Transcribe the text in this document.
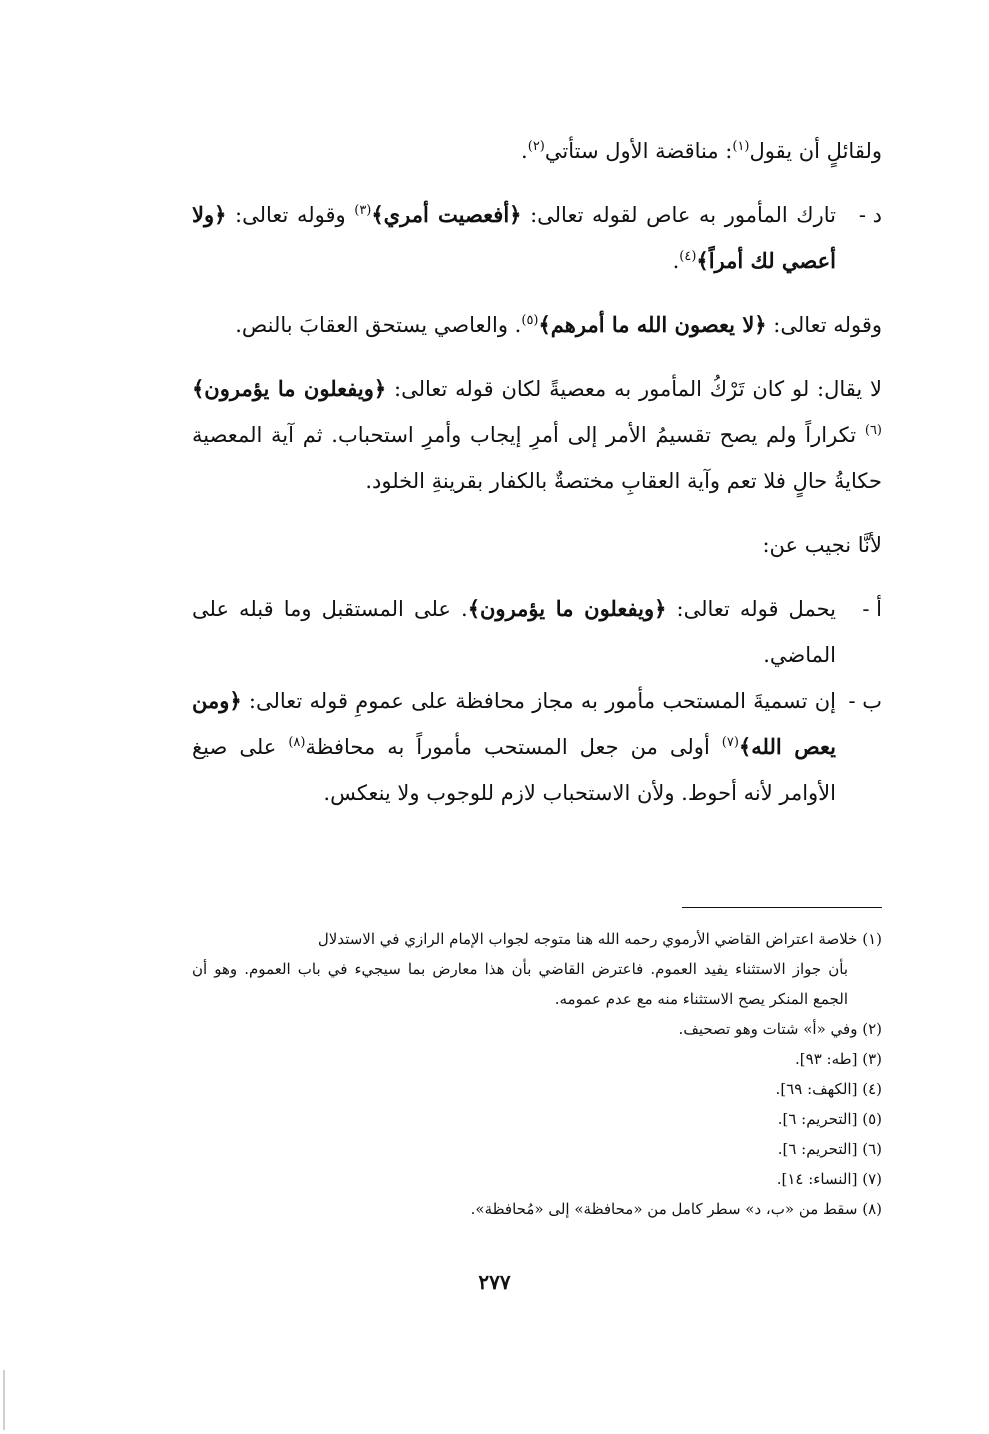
ولقائلٍ أن يقول$^{(١)}$: مناقضة الأول ستأتي$^{(٢)}$.

د -
تارك المأمور به عاص لقوله تعالى: ﴿أفعصيت أمري﴾$^{(٣)}$ وقوله تعالى: ﴿ولا أعصي لك أمراً﴾$^{(٤)}$.

وقوله تعالى: ﴿لا يعصون الله ما أمرهم﴾$^{(٥)}$. والعاصي يستحق العقابَ بالنص.

لا يقال: لو كان تَرْكُ المأمور به معصيةً لكان قوله تعالى: ﴿ويفعلون ما يؤمرون﴾$^{(٦)}$ تكراراً ولم يصح تقسيمُ الأمر إلى أمرِ إيجاب وأمرِ استحباب. ثم آية المعصية حكايةُ حالٍ فلا تعم وآية العقابِ مختصةٌ بالكفار بقرينةِ الخلود.

لأنَّا نجيب عن:

أ -
يحمل قوله تعالى: ﴿ويفعلون ما يؤمرون﴾. على المستقبل وما قبله على الماضي.
ب -
إن تسميةَ المستحب مأمور به مجاز محافظة على عمومِ قوله تعالى: ﴿ومن يعص الله﴾$^{(٧)}$ أولى من جعل المستحب مأموراً به محافظة$^{(٨)}$ على صيغ الأوامر لأنه أحوط. ولأن الاستحباب لازم للوجوب ولا ينعكس.

(١) خلاصة اعتراض القاضي الأرموي رحمه الله هنا متوجه لجواب الإمام الرازي في الاستدلال
بأن جواز الاستثناء يفيد العموم. فاعترض القاضي بأن هذا معارض بما سيجيء في باب العموم. وهو أن الجمع المنكر يصح الاستثناء منه مع عدم عمومه.

(٢) وفي «أ» شتات وهو تصحيف.

(٣) [طه: ٩٣].

(٤) [الكهف: ٦٩].

(٥) [التحريم: ٦].

(٦) [التحريم: ٦].

(٧) [النساء: ١٤].

(٨) سقط من «ب، د» سطر كامل من «محافظة» إلى «مُحافظة».

٢٧٧
